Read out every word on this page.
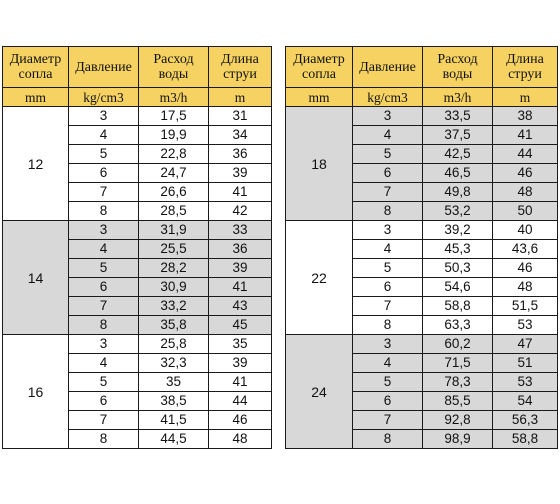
Диаметр сопла	Давление	Расход воды	Длина струи
mm	kg/cm3	m3/h	m
12	3	17,5	31
	4	19,9	34
	5	22,8	36
	6	24,7	39
	7	26,6	41
	8	28,5	42
14	3	31,9	33
	4	25,5	36
	5	28,2	39
	6	30,9	41
	7	33,2	43
	8	35,8	45
16	3	25,8	35
	4	32,3	39
	5	35	41
	6	38,5	44
	7	41,5	46
	8	44,5	48
Диаметр сопла	Давление	Расход воды	Длина струи
mm	kg/cm3	m3/h	m
18	3	33,5	38
	4	37,5	41
	5	42,5	44
	6	46,5	46
	7	49,8	48
	8	53,2	50
22	3	39,2	40
	4	45,3	43,6
	5	50,3	46
	6	54,6	48
	7	58,8	51,5
	8	63,3	53
24	3	60,2	47
	4	71,5	51
	5	78,3	53
	6	85,5	54
	7	92,8	56,3
	8	98,9	58,8
